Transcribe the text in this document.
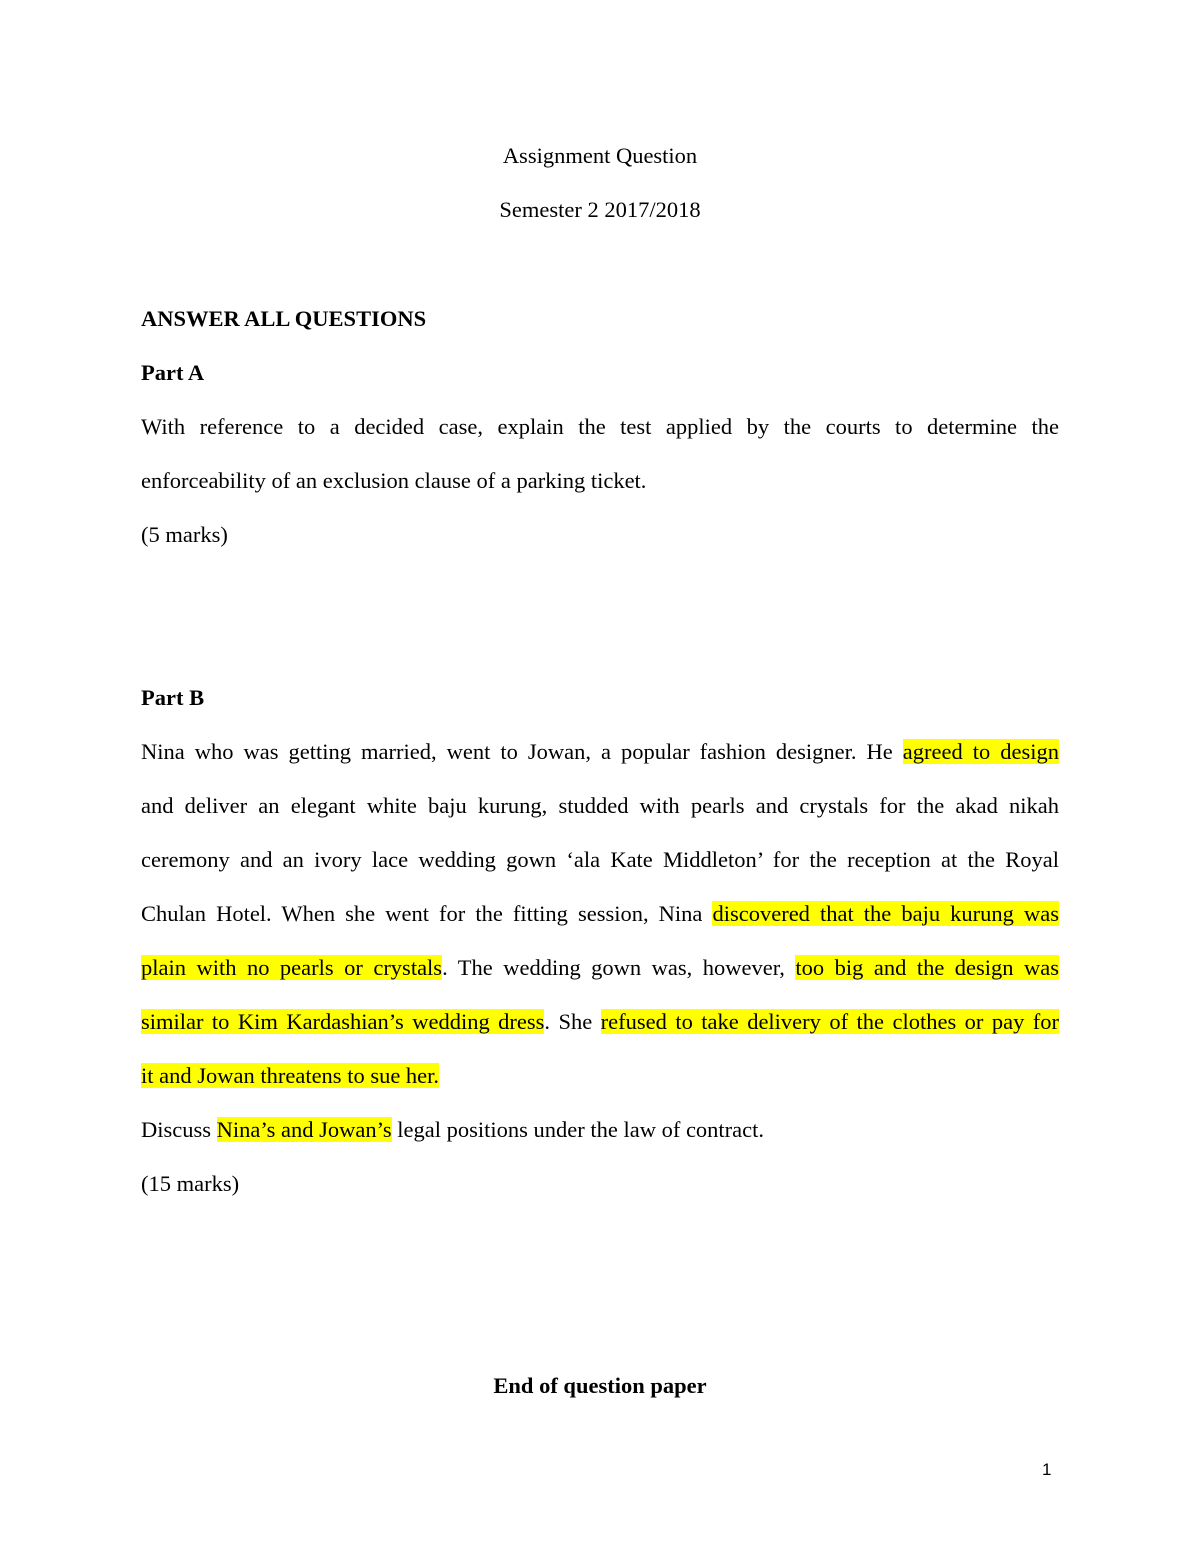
Assignment Question
Semester 2 2017/2018
ANSWER ALL QUESTIONS
Part A
With reference to a decided case, explain the test applied by the courts to determine the
enforceability of an exclusion clause of a parking ticket.
(5 marks)
Part B
Nina who was getting married, went to Jowan, a popular fashion designer. He agreed to design
and deliver an elegant white baju kurung, studded with pearls and crystals for the akad nikah
ceremony and an ivory lace wedding gown ‘ala Kate Middleton’ for the reception at the Royal
Chulan Hotel. When she went for the fitting session, Nina discovered that the baju kurung was
plain with no pearls or crystals. The wedding gown was, however, too big and the design was
similar to Kim Kardashian’s wedding dress. She refused to take delivery of the clothes or pay for
it and Jowan threatens to sue her.
Discuss Nina’s and Jowan’s legal positions under the law of contract.
(15 marks)
End of question paper
1
